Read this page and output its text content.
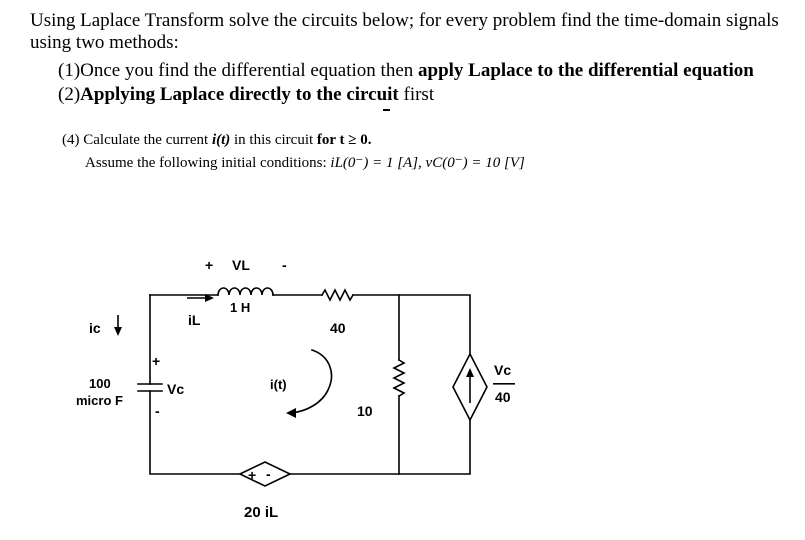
Using Laplace Transform solve the circuits below; for every problem find the time-domain signals using two methods:
(1)Once you find the differential equation then apply Laplace to the differential equation
(2)Applying Laplace directly to the circuit first
(4) Calculate the current i(t) in this circuit for t ≥ 0.
Assume the following initial conditions: iL(0⁻) = 1 [A], vC(0⁻) = 10 [V]
+ VL -
1 H
iL
ic
100
micro F
+
Vc
-
40
i(t)
10
Vc
40
+ -
20 iL
